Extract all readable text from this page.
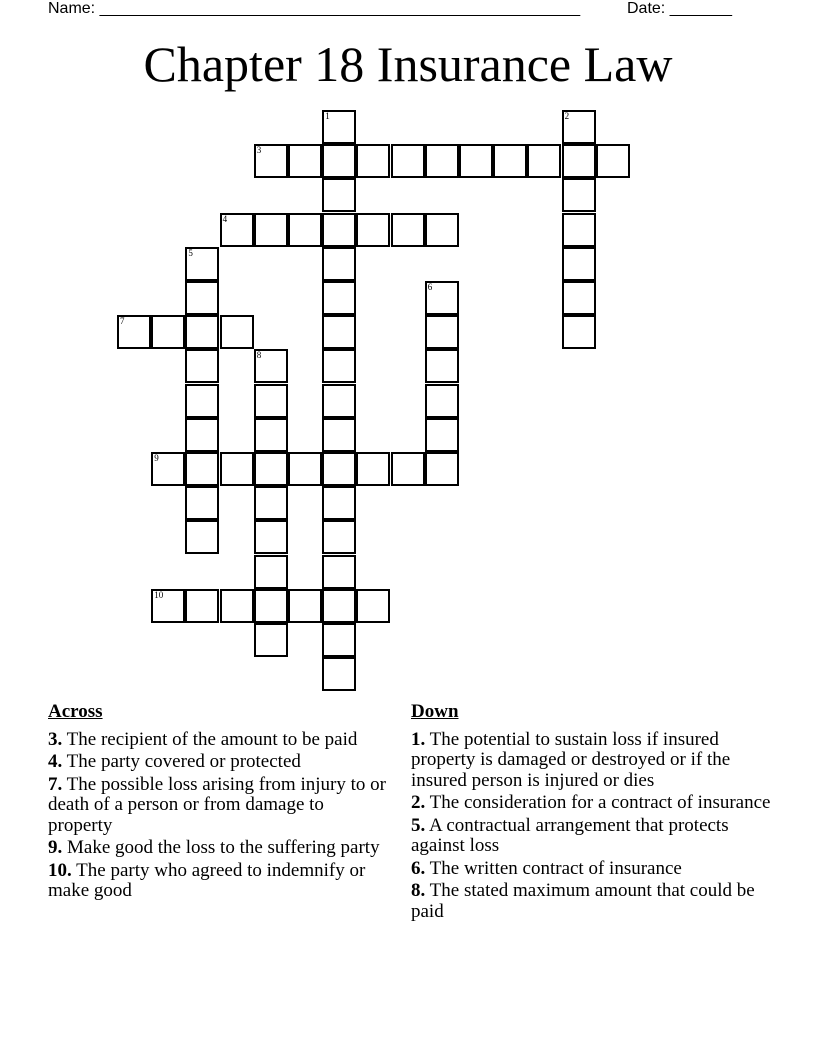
Name: ______________________________________________________	Date: _______
Chapter 18 Insurance Law
1	2
3
4
5
6
7
8
9
10
Across
3. The recipient of the amount to be paid
4. The party covered or protected
7. The possible loss arising from injury to or death of a person or from damage to property
9. Make good the loss to the suffering party
10. The party who agreed to indemnify or make good
Down
1. The potential to sustain loss if insured property is damaged or destroyed or if the insured person is injured or dies
2. The consideration for a contract of insurance
5. A contractual arrangement that protects against loss
6. The written contract of insurance
8. The stated maximum amount that could be paid
